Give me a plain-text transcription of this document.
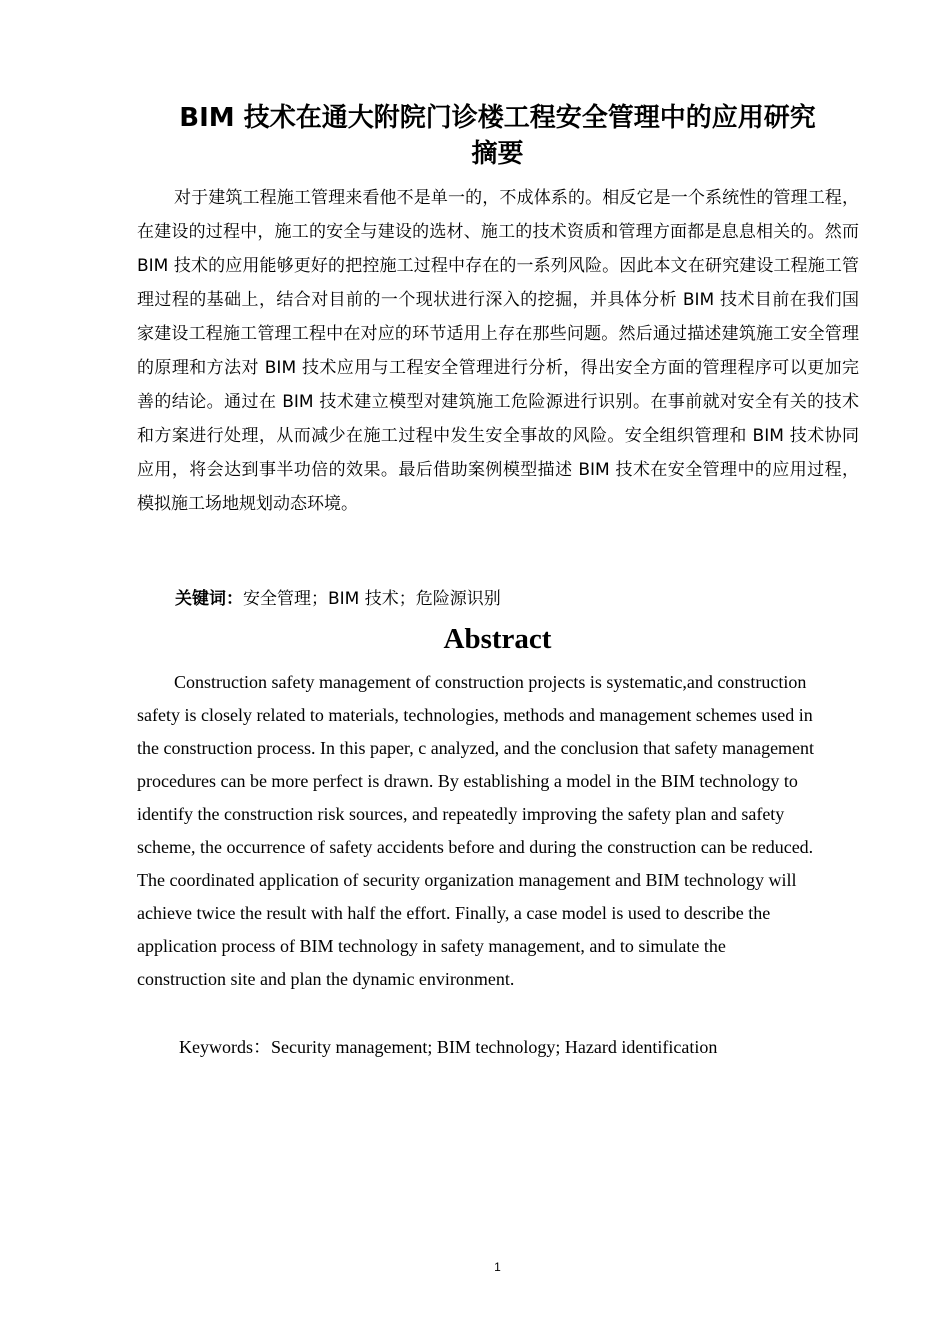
BIM 技术在通大附院门诊楼工程安全管理中的应用研究
摘要

对于建筑工程施工管理来看他不是单一的，不成体系的。相反它是一个系统性的管理工程，在建设的过程中，施工的安全与建设的选材、施工的技术资质和管理方面都是息息相关的。然而 BIM 技术的应用能够更好的把控施工过程中存在的一系列风险。因此本文在研究建设工程施工管理过程的基础上，结合对目前的一个现状进行深入的挖掘，并具体分析 BIM 技术目前在我们国家建设工程施工管理工程中在对应的环节适用上存在那些问题。然后通过描述建筑施工安全管理的原理和方法对 BIM 技术应用与工程安全管理进行分析，得出安全方面的管理程序可以更加完善的结论。通过在 BIM 技术建立模型对建筑施工危险源进行识别。在事前就对安全有关的技术和方案进行处理，从而减少在施工过程中发生安全事故的风险。安全组织管理和 BIM 技术协同应用，将会达到事半功倍的效果。最后借助案例模型描述 BIM 技术在安全管理中的应用过程，模拟施工场地规划动态环境。

关键词：安全管理；BIM 技术；危险源识别
Abstract

Construction safety management of construction projects is systematic,and construction
safety is closely related to materials, technologies, methods and management schemes used in
the construction process. In this paper, c analyzed, and the conclusion that safety management
procedures can be more perfect is drawn. By establishing a model in the BIM technology to
identify the construction risk sources, and repeatedly improving the safety plan and safety
scheme, the occurrence of safety accidents before and during the construction can be reduced.
The coordinated application of security organization management and BIM technology will
achieve twice the result with half the effort. Finally, a case model is used to describe the
application process of BIM technology in safety management, and to simulate the
construction site and plan the dynamic environment.

Keywords：Security management; BIM technology; Hazard identification
1
